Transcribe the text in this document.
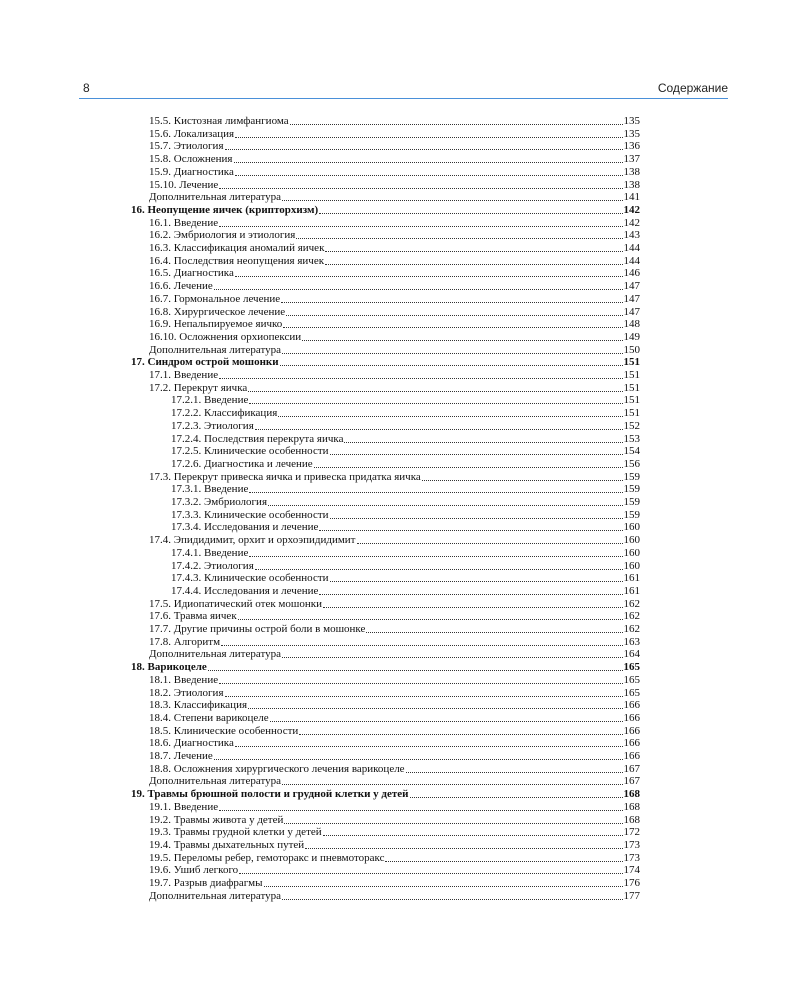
8	Содержание
15.5. Кистозная лимфангиома	135
15.6. Локализация	135
15.7. Этиология	136
15.8. Осложнения	137
15.9. Диагностика	138
15.10. Лечение	138
Дополнительная литература	141
16. Неопущение яичек (крипторхизм)	142
16.1. Введение	142
16.2. Эмбриология и этиология	143
16.3. Классификация аномалий яичек	144
16.4. Последствия неопущения яичек	144
16.5. Диагностика	146
16.6. Лечение	147
16.7. Гормональное лечение	147
16.8. Хирургическое лечение	147
16.9. Непальпируемое яичко	148
16.10. Осложнения орхиопексии	149
Дополнительная литература	150
17. Синдром острой мошонки	151
17.1. Введение	151
17.2. Перекрут яичка	151
17.2.1. Введение	151
17.2.2. Классификация	151
17.2.3. Этиология	152
17.2.4. Последствия перекрута яичка	153
17.2.5. Клинические особенности	154
17.2.6. Диагностика и лечение	156
17.3. Перекрут привеска яичка и привеска придатка яичка	159
17.3.1. Введение	159
17.3.2. Эмбриология	159
17.3.3. Клинические особенности	159
17.3.4. Исследования и лечение	160
17.4. Эпидидимит, орхит и орхоэпидидимит	160
17.4.1. Введение	160
17.4.2. Этиология	160
17.4.3. Клинические особенности	161
17.4.4. Исследования и лечение	161
17.5. Идиопатический отек мошонки	162
17.6. Травма яичек	162
17.7. Другие причины острой боли в мошонке	162
17.8. Алгоритм	163
Дополнительная литература	164
18. Варикоцеле	165
18.1. Введение	165
18.2. Этиология	165
18.3. Классификация	166
18.4. Степени варикоцеле	166
18.5. Клинические особенности	166
18.6. Диагностика	166
18.7. Лечение	166
18.8. Осложнения хирургического лечения варикоцеле	167
Дополнительная литература	167
19. Травмы брюшной полости и грудной клетки у детей	168
19.1. Введение	168
19.2. Травмы живота у детей	168
19.3. Травмы грудной клетки у детей	172
19.4. Травмы дыхательных путей	173
19.5. Переломы ребер, гемоторакс и пневмоторакс	173
19.6. Ушиб легкого	174
19.7. Разрыв диафрагмы	176
Дополнительная литература	177
